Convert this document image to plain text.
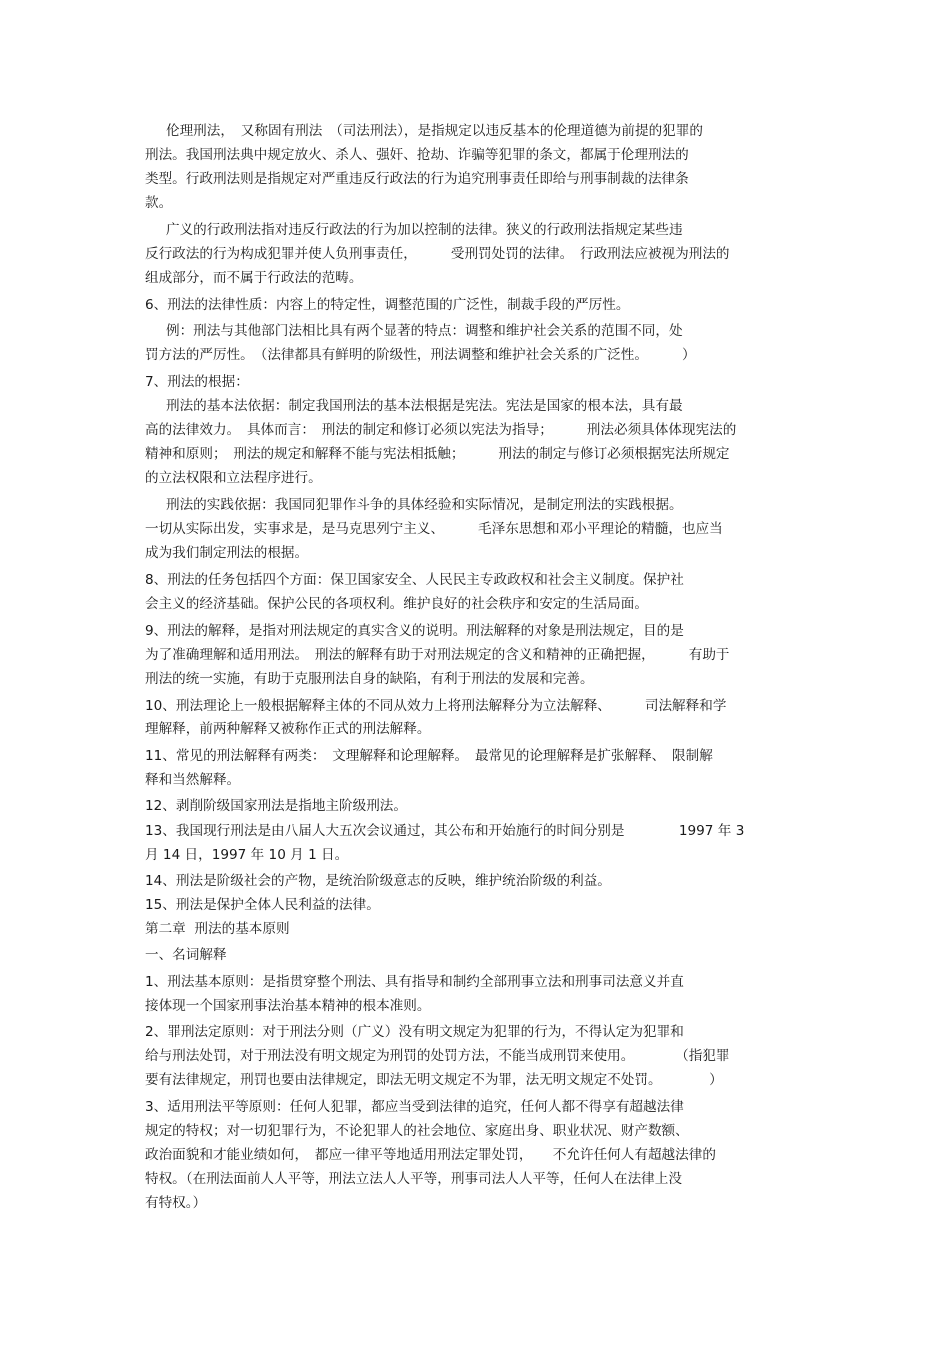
伦理刑法，　又称固有刑法　（司法刑法），是指规定以违反基本的伦理道德为前提的犯罪的
刑法。我国刑法典中规定放火、杀人、强奸、抢劫、诈骗等犯罪的条文，都属于伦理刑法的
类型。行政刑法则是指规定对严重违反行政法的行为追究刑事责任即给与刑事制裁的法律条
款。
广义的行政刑法指对违反行政法的行为加以控制的法律。狭义的行政刑法指规定某些违
反行政法的行为构成犯罪并使人负刑事责任，　　　受刑罚处罚的法律。　行政刑法应被视为刑法的
组成部分，而不属于行政法的范畴。
6、刑法的法律性质：内容上的特定性，调整范围的广泛性，制裁手段的严厉性。
例：刑法与其他部门法相比具有两个显著的特点：调整和维护社会关系的范围不同，处
罚方法的严厉性。　（法律都具有鲜明的阶级性，刑法调整和维护社会关系的广泛性。　　　）
7、刑法的根据：
刑法的基本法依据：制定我国刑法的基本法根据是宪法。宪法是国家的根本法，具有最
高的法律效力。　具体而言：　刑法的制定和修订必须以宪法为指导；　　　刑法必须具体体现宪法的
精神和原则；　刑法的规定和解释不能与宪法相抵触；　　　刑法的制定与修订必须根据宪法所规定
的立法权限和立法程序进行。
刑法的实践依据：我国同犯罪作斗争的具体经验和实际情况，是制定刑法的实践根据。
一切从实际出发，实事求是，是马克思列宁主义、　　　毛泽东思想和邓小平理论的精髓，也应当
成为我们制定刑法的根据。
8、刑法的任务包括四个方面：保卫国家安全、人民民主专政政权和社会主义制度。保护社
会主义的经济基础。保护公民的各项权利。维护良好的社会秩序和安定的生活局面。
9、刑法的解释，是指对刑法规定的真实含义的说明。刑法解释的对象是刑法规定，目的是
为了准确理解和适用刑法。　刑法的解释有助于对刑法规定的含义和精神的正确把握，　　　有助于
刑法的统一实施，有助于克服刑法自身的缺陷，有利于刑法的发展和完善。
10、刑法理论上一般根据解释主体的不同从效力上将刑法解释分为立法解释、　　　司法解释和学
理解释，前两种解释又被称作正式的刑法解释。
11、常见的刑法解释有两类：　文理解释和论理解释。　最常见的论理解释是扩张解释、　限制解
释和当然解释。
12、剥削阶级国家刑法是指地主阶级刑法。
13、我国现行刑法是由八届人大五次会议通过，其公布和开始施行的时间分别是　　　　1997 年 3
月 14 日，1997 年 10 月 1 日。
14、刑法是阶级社会的产物，是统治阶级意志的反映，维护统治阶级的利益。
15、刑法是保护全体人民利益的法律。
第二章  刑法的基本原则
一、名词解释
1、刑法基本原则：是指贯穿整个刑法、具有指导和制约全部刑事立法和刑事司法意义并直
接体现一个国家刑事法治基本精神的根本准则。
2、罪刑法定原则：对于刑法分则（广义）没有明文规定为犯罪的行为，不得认定为犯罪和
给与刑法处罚，对于刑法没有明文规定为刑罚的处罚方法，不能当成刑罚来使用。　　　　（指犯罪
要有法律规定，刑罚也要由法律规定，即法无明文规定不为罪，法无明文规定不处罚。　　　　）
3、适用刑法平等原则：任何人犯罪，都应当受到法律的追究，任何人都不得享有超越法律
规定的特权；对一切犯罪行为，不论犯罪人的社会地位、家庭出身、职业状况、财产数额、
政治面貌和才能业绩如何，　都应一律平等地适用刑法定罪处罚，　　不允许任何人有超越法律的
特权。（在刑法面前人人平等，刑法立法人人平等，刑事司法人人平等，任何人在法律上没
有特权。）
